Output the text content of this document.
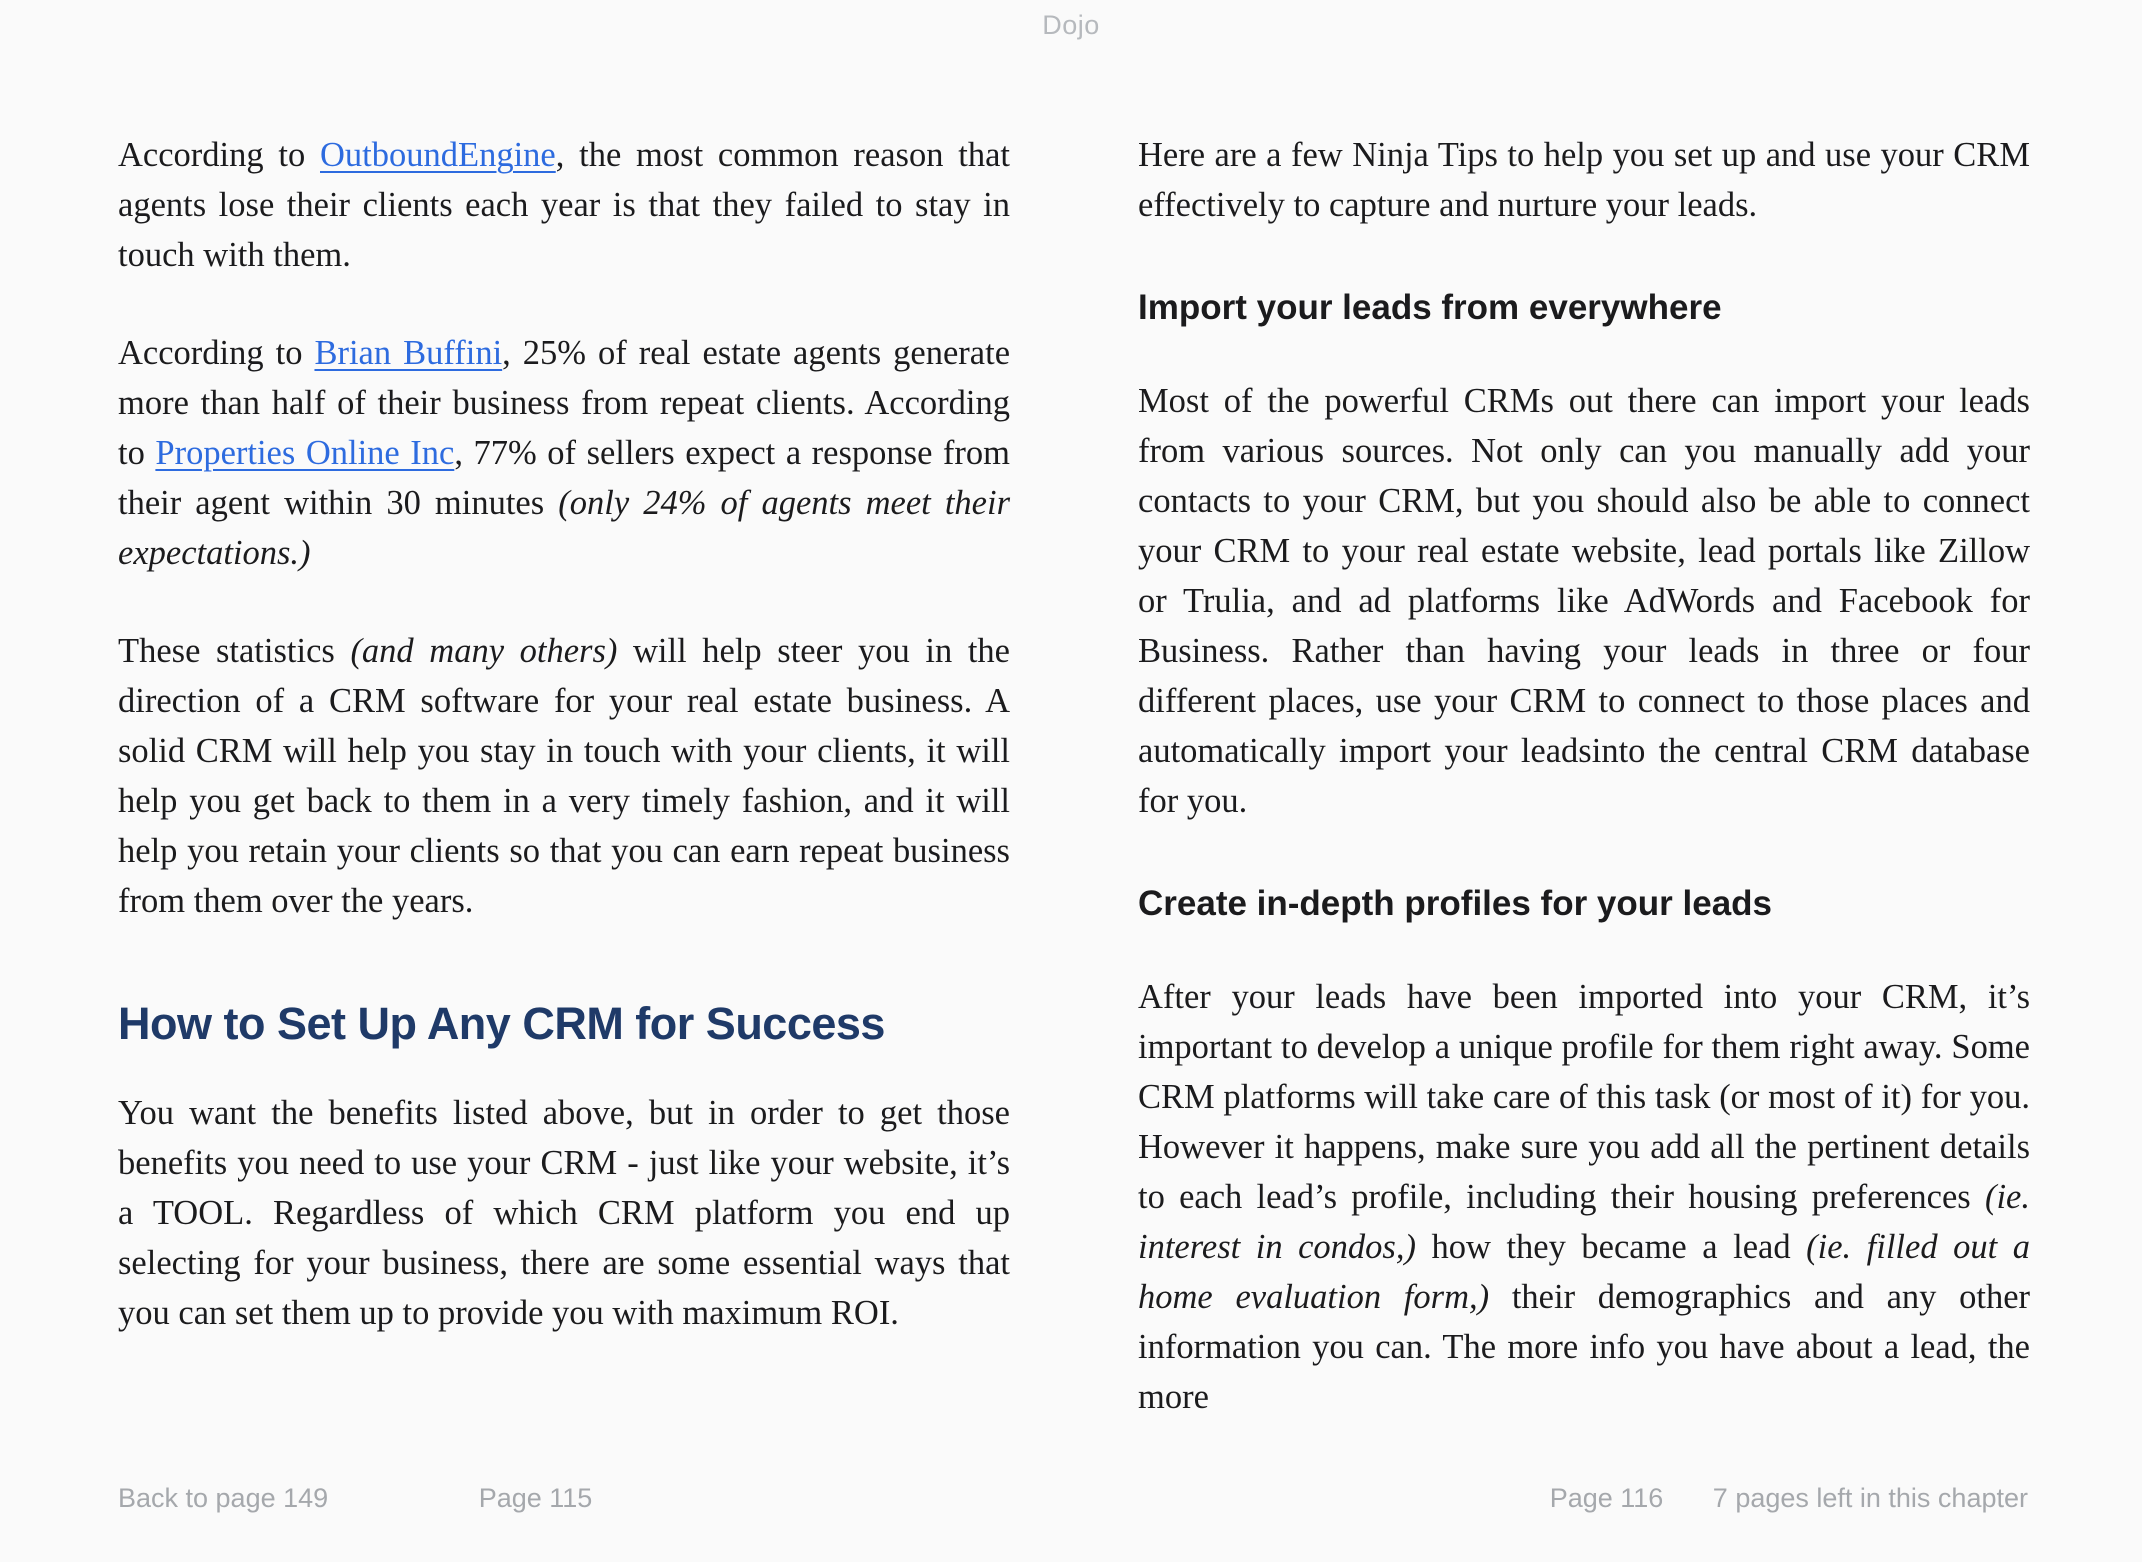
Dojo

According to OutboundEngine, the most common reason that agents lose their clients each year is that they failed to stay in touch with them.

According to Brian Buffini, 25% of real estate agents generate more than half of their business from repeat clients. According to Properties Online Inc, 77% of sellers expect a response from their agent within 30 minutes (only 24% of agents meet their expectations.)

These statistics (and many others) will help steer you in the direction of a CRM software for your real estate business. A solid CRM will help you stay in touch with your clients, it will help you get back to them in a very timely fashion, and it will help you retain your clients so that you can earn repeat business from them over the years.

How to Set Up Any CRM for Success

You want the benefits listed above, but in order to get those benefits you need to use your CRM - just like your website, it’s a TOOL. Regardless of which CRM platform you end up selecting for your business, there are some essential ways that you can set them up to provide you with maximum ROI.

Here are a few Ninja Tips to help you set up and use your CRM effectively to capture and nurture your leads.

Import your leads from everywhere

Most of the powerful CRMs out there can import your leads from various sources. Not only can you manually add your contacts to your CRM, but you should also be able to connect your CRM to your real estate website, lead portals like Zillow or Trulia, and ad platforms like AdWords and Facebook for Business. Rather than having your leads in three or four different places, use your CRM to connect to those places and automatically import your leadsinto the central CRM database for you.

Create in-depth profiles for your leads

After your leads have been imported into your CRM, it’s important to develop a unique profile for them right away. Some CRM platforms will take care of this task (or most of it) for you. However it happens, make sure you add all the pertinent details to each lead’s profile, including their housing preferences (ie. interest in condos,) how they became a lead (ie. filled out a home evaluation form,) their demographics and any other information you can. The more info you have about a lead, the more

Back to page 149	Page 115	Page 116	7 pages left in this chapter
